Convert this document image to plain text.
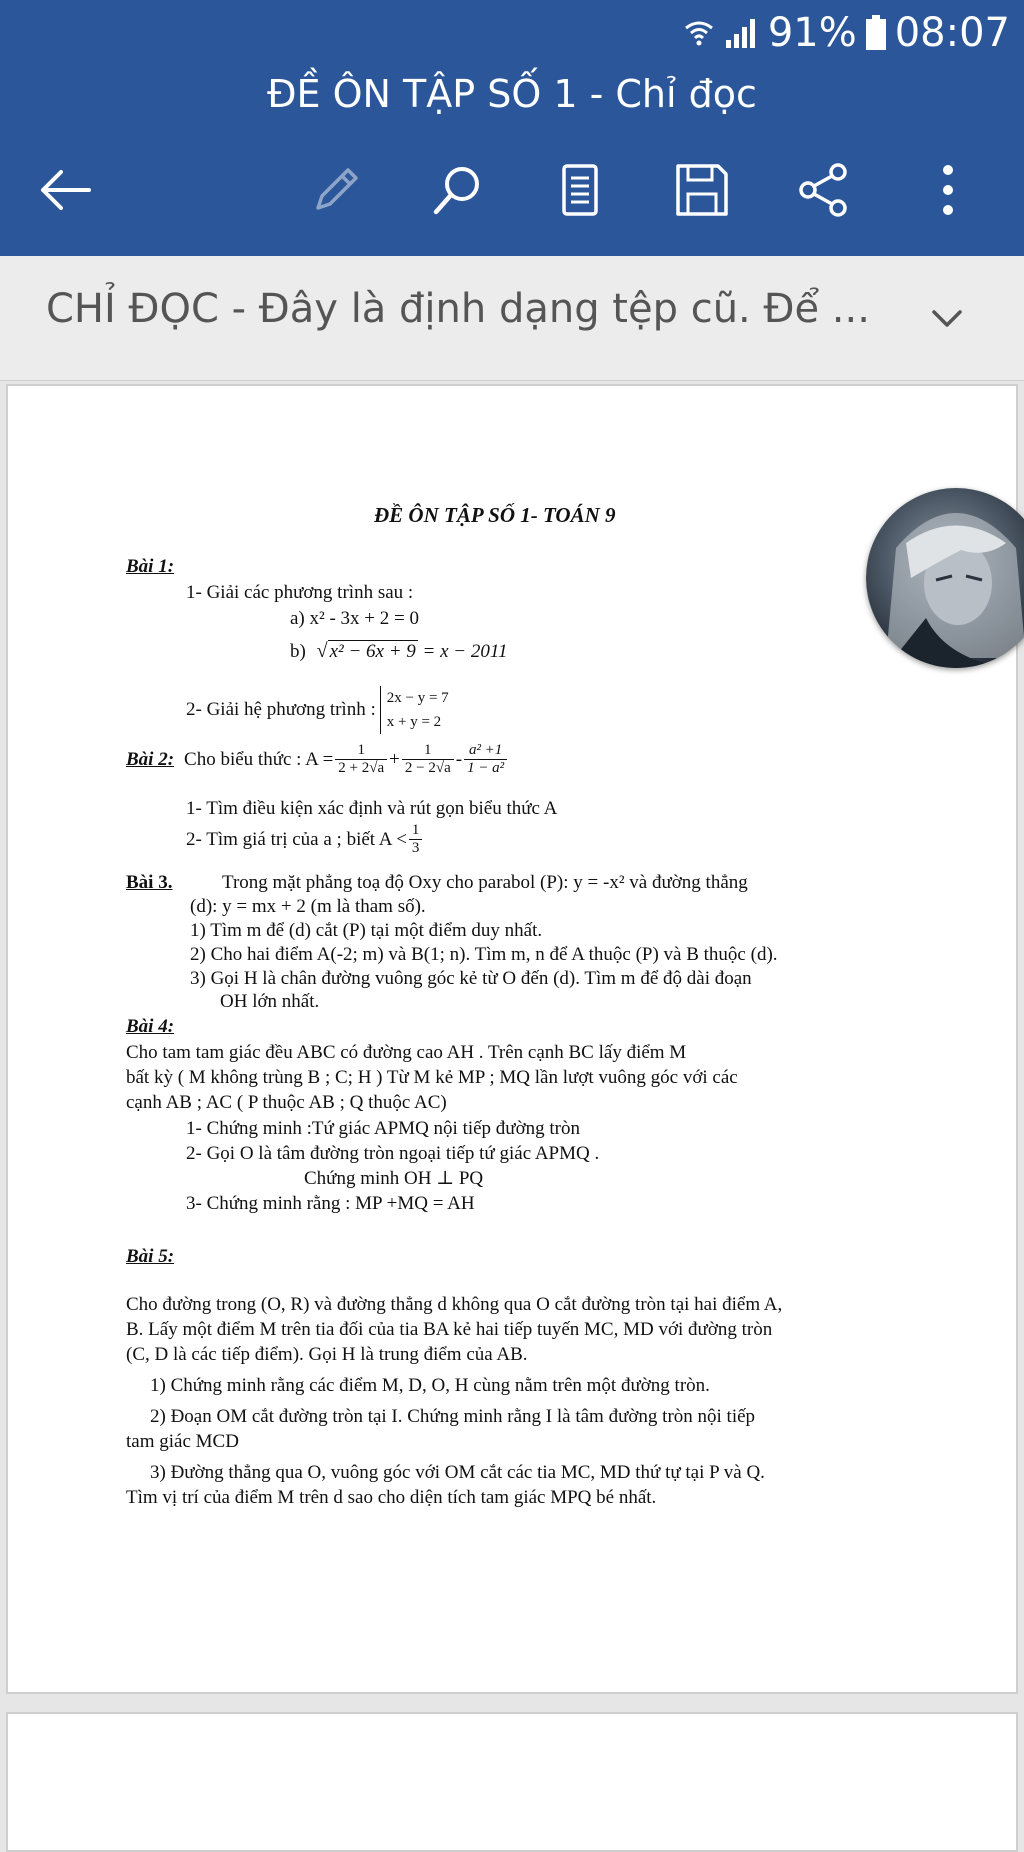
91% 08:07
ĐỀ ÔN TẬP SỐ 1 - Chỉ đọc
CHỈ ĐỌC - Đây là định dạng tệp cũ. Để ...
ĐỀ ÔN TẬP SỐ 1- TOÁN 9
Bài 1:
1- Giải các phương trình sau :
a) x² - 3x + 2 = 0
b) √ x² − 6x + 9 = x − 2011
2- Giải hệ phương trình :
2x − y = 7
x + y = 2
Bài 2: Cho biểu thức : $A = \frac{1}{2 + 2√a} + \frac{1}{2 - 2√a} - \frac{\text{a² +1}}{\text{1 − a²}}$
1- Tìm điều kiện xác định và rút gọn biểu thức A
2- Tìm giá trị của a ; biết $A < \frac{1}{3}$
Bài 3.	Trong mặt phẳng toạ độ Oxy cho parabol (P): y = -x² và đường thẳng
(d): y = mx + 2 (m là tham số).
1) Tìm m để (d) cắt (P) tại một điểm duy nhất.
2) Cho hai điểm A(-2; m) và B(1; n). Tìm m, n để A thuộc (P) và B thuộc (d).
3) Gọi H là chân đường vuông góc kẻ từ O đến (d). Tìm m để độ dài đoạn
OH lớn nhất.
Bài 4:
Cho tam tam giác đều ABC có đường cao AH . Trên cạnh BC lấy điểm M
bất kỳ ( M không trùng B ; C; H ) Từ M kẻ MP ; MQ lần lượt vuông góc với các
cạnh AB ; AC ( P thuộc AB ; Q thuộc AC)
1- Chứng minh :Tứ giác APMQ nội tiếp đường tròn
2- Gọi O là tâm đường tròn ngoại tiếp tứ giác APMQ .
Chứng minh OH ⊥ PQ
3- Chứng minh rằng : MP +MQ = AH
Bài 5:
Cho đường trong (O, R) và đường thẳng d không qua O cắt đường tròn tại hai điểm A,
B. Lấy một điểm M trên tia đối của tia BA kẻ hai tiếp tuyến MC, MD với đường tròn
(C, D là các tiếp điểm). Gọi H là trung điểm của AB.
1) Chứng minh rằng các điểm M, D, O, H cùng nằm trên một đường tròn.
2) Đoạn OM cắt đường tròn tại I. Chứng minh rằng I là tâm đường tròn nội tiếp
tam giác MCD
3) Đường thẳng qua O, vuông góc với OM cắt các tia MC, MD thứ tự tại P và Q.
Tìm vị trí của điểm M trên d sao cho diện tích tam giác MPQ bé nhất.
